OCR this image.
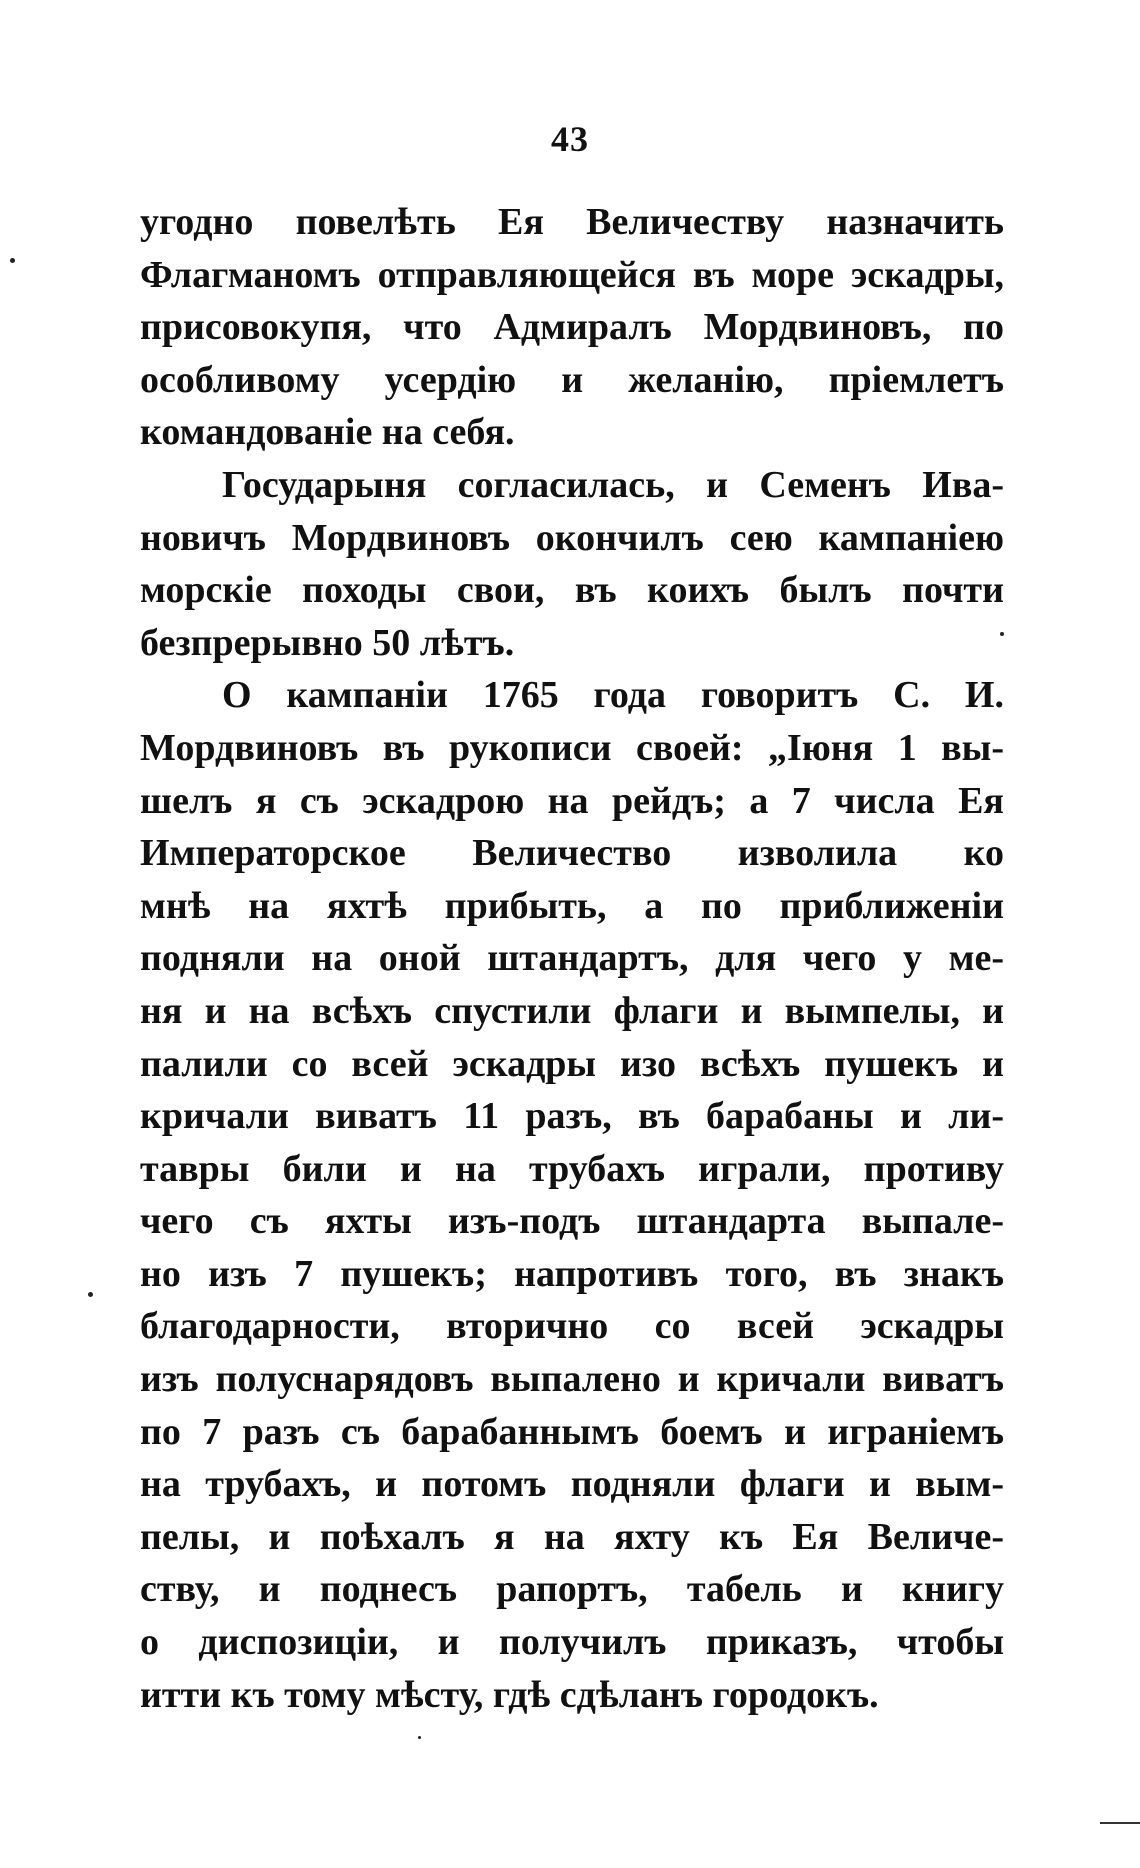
43
угодно повелѣть Ея Величеству назначить
Флагманомъ отправляющейся въ море эскадры,
присовокупя, что Адмиралъ Мордвиновъ, по
особливому усердію и желанію, пріемлетъ
командованіе на себя.
Государыня согласилась, и Семенъ Ива-
новичъ Мордвиновъ окончилъ сею кампаніею
морскіе походы свои, въ коихъ былъ почти
безпрерывно 50 лѣтъ.
О кампаніи 1765 года говоритъ С. И.
Мордвиновъ въ рукописи своей: „Іюня 1 вы-
шелъ я съ эскадрою на рейдъ; а 7 числа Ея
Императорское Величество изволила ко
мнѣ на яхтѣ прибыть, а по приближеніи
подняли на оной штандартъ, для чего у ме-
ня и на всѣхъ спустили флаги и вымпелы, и
палили со всей эскадры изо всѣхъ пушекъ и
кричали виватъ 11 разъ, въ барабаны и ли-
тавры били и на трубахъ играли, противу
чего съ яхты изъ-подъ штандарта выпале-
но изъ 7 пушекъ; напротивъ того, въ знакъ
благодарности, вторично со всей эскадры
изъ полуснарядовъ выпалено и кричали виватъ
по 7 разъ съ барабаннымъ боемъ и играніемъ
на трубахъ, и потомъ подняли флаги и вым-
пелы, и поѣхалъ я на яхту къ Ея Величе-
ству, и поднесъ рапортъ, табель и книгу
о диспозиціи, и получилъ приказъ, чтобы
итти къ тому мѣсту, гдѣ сдѣланъ городокъ.
